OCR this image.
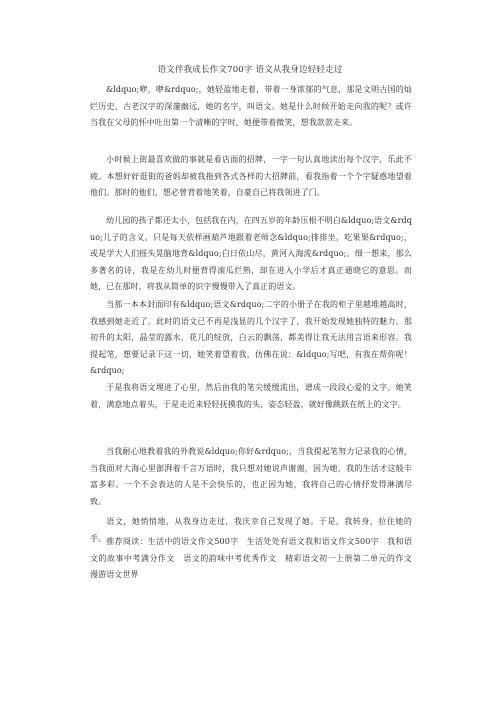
语文伴我成长作文700字 语文从我身边轻轻走过

&ldquo;咿，咿&rdquo;，她轻盈地走着，带着一身浓郁的气息，那是文明古国的灿烂历史，古老汉字的深邃幽远，她的名字，叫语文。她是什么时候开始走向我的呢？或许当我在父母的怀中吐出第一个清晰的字时，她便带着微笑，想我款款走来。

小时候上街最喜欢做的事就是看店面的招牌，一字一句认真地读出每个汉字，乐此不疲。本想好好逛街的爸妈却被我拖到各式各样的大招牌前，看我指着一个个字疑惑地望着他们。那时的他们，想必曾背着地笑着，自豪自己将我领进了门。

幼儿园的孩子都还太小，包括我在内，在四五岁的年龄压根不明白&ldquo;语文&rdquo;儿子的含义。只是每天依样画葫芦地跟着老师念&ldquo;排排坐，吃果果&rdquo;，或是学大人们摇头晃脑地背&ldquo;白日依山尽，黄河入海流&rdquo;。细一想来，那么多著名的诗，我是在幼儿时便背得滚瓜烂熟，却在进入小学后才真正通晓它的意思。而她，已在那时，将我从简单的识字慢慢带入了真正的语文。

当那一本本封面印有&ldquo;语文&rdquo;二字的小册子在我的柜子里越堆越高时，我感到她走近了。此时的语文已不再是浅显的几个汉字了，我开始发现她独特的魅力。那初升的太阳，晶莹的露水，花儿的绽放，白云的飘荡，都美得让我无法用言语来形容。我提起笔，想要记录下这一切，她笑着望着我，仿佛在说：&ldquo;写吧，有我在帮你呢！&rdquo;

于是我将语文埋进了心里，然后由我的笔尖缓缓流出，谱成一段段心爱的文字。她笑着，满意地点着头，于是走近来轻轻抚摸我的头，姿态轻盈，就好像跳跃在纸上的文字。

当我耐心地教着我的外教说&ldquo;你好&rdquo;，当我提起笔努力记录我的心情，当我面对大海心里澎湃着千言万语时，我只想对她说声谢谢，因为她，我的生活才这般丰富多彩。一个不会表达的人是不会快乐的，也正因为她，我将自己的心情抒发得淋漓尽致。

语文，她悄悄地，从我身边走过，我庆幸自己发现了她。于是，我转身，拉住她的手。 推荐阅读：生活中的语文作文500字　生活处处有语文我和语文作文500字　我和语文的故事中考满分作文　语文的韵味中考优秀作文　精彩语文初一上册第二单元的作文　漫游语文世界
